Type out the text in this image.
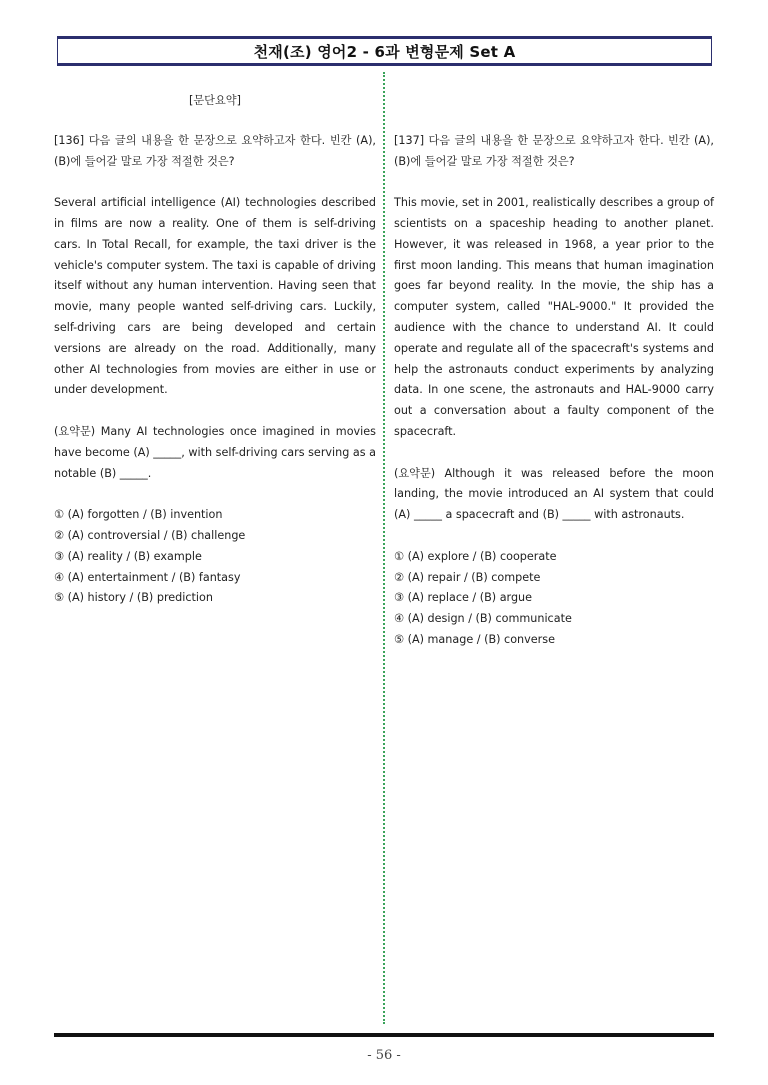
천재(조) 영어2 - 6과 변형문제 Set A
[문단요약]
[136] 다음 글의 내용을 한 문장으로 요약하고자 한다. 빈칸 (A), (B)에 들어갈 말로 가장 적절한 것은?
Several artificial intelligence (AI) technologies described in films are now a reality. One of them is self-driving cars. In Total Recall, for example, the taxi driver is the vehicle's computer system. The taxi is capable of driving itself without any human intervention. Having seen that movie, many people wanted self-driving cars. Luckily, self-driving cars are being developed and certain versions are already on the road. Additionally, many other AI technologies from movies are either in use or under development.
(요약문) Many AI technologies once imagined in movies have become (A) _____, with self-driving cars serving as a notable (B) _____.
① (A) forgotten / (B) invention
② (A) controversial / (B) challenge
③ (A) reality / (B) example
④ (A) entertainment / (B) fantasy
⑤ (A) history / (B) prediction
[137] 다음 글의 내용을 한 문장으로 요약하고자 한다. 빈칸 (A), (B)에 들어갈 말로 가장 적절한 것은?
This movie, set in 2001, realistically describes a group of scientists on a spaceship heading to another planet. However, it was released in 1968, a year prior to the first moon landing. This means that human imagination goes far beyond reality. In the movie, the ship has a computer system, called "HAL-9000." It provided the audience with the chance to understand AI. It could operate and regulate all of the spacecraft's systems and help the astronauts conduct experiments by analyzing data. In one scene, the astronauts and HAL-9000 carry out a conversation about a faulty component of the spacecraft.
(요약문) Although it was released before the moon landing, the movie introduced an AI system that could (A) _____ a spacecraft and (B) _____ with astronauts.
① (A) explore / (B) cooperate
② (A) repair / (B) compete
③ (A) replace / (B) argue
④ (A) design / (B) communicate
⑤ (A) manage / (B) converse
- 56 -
